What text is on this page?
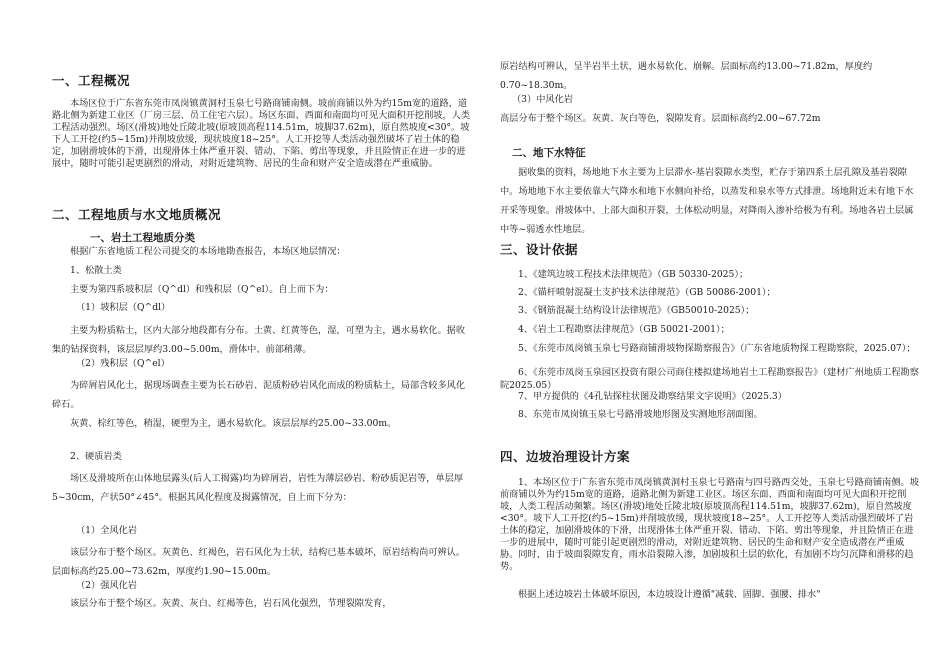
一、工程概况

本场区位于广东省东莞市凤岗镇黄洞村玉泉七号路商铺南侧。坡前商铺以外为约15m宽的道路，道路北侧为新建工业区（厂房三层、员工住宅六层）。场区东面、西面和南面均可见大面积开挖削坡，人类工程活动强烈。场区(滑坡)地处丘陵北坡(原坡顶高程114.51m，坡脚37.62m)，原自然坡度<30°。坡下人工开挖(约5~15m)并削坡放缓，现状坡度18~25°。人工开挖等人类活动强烈破坏了岩土体的稳定，加剧滑坡体的下滑，出现滑体土体严重开裂、错动、下陷、剪出等现象，并且险情正在进一步的进展中，随时可能引起更剧烈的滑动，对附近建筑物、居民的生命和财产安全造成潜在严重威胁。

二、工程地质与水文地质概况
一、岩土工程地质分类

根据广东省地质工程公司提交的本场地勘查报告，本场区地层情况：

1、松散土类

主要为第四系坡积层（Q^dl）和残积层（Q^el）。自上而下为：

（1）坡积层（Q^dl）

主要为粉质粘土，区内大部分地段都有分布。土黄、红黄等色，湿，可塑为主，遇水易软化。据收集的钻探资料，该层层厚约3.00~5.00m，滑体中、前部稍薄。

（2）残积层（Q^el）

为碎屑岩风化土，据现场调查主要为长石砂岩、泥质粉砂岩风化而成的粉质粘土，局部含较多风化碎石。

灰黄、棕红等色，稍湿，硬塑为主，遇水易软化。该层层厚约25.00~33.00m。

2、硬质岩类

场区及滑坡所在山体地层露头(后人工揭露)均为碎屑岩，岩性为薄层砂岩、粉砂质泥岩等，单层厚5~30cm，产状50°∠45°。根据其风化程度及揭露情况，自上而下分为：

（1）全风化岩

该层分布于整个场区。灰黄色、红褐色，岩石风化为土状，结构已基本破坏，原岩结构尚可辨认。层面标高约25.00~73.62m，厚度约1.90~15.00m。

（2）强风化岩

该层分布于整个场区。灰黄、灰白、红褐等色，岩石风化强烈，节理裂隙发育，

原岩结构可辨认，呈半岩半土状，遇水易软化、崩解。层面标高约13.00~71.82m，厚度约0.70~18.30m。

（3）中风化岩

高层分布于整个场区。灰黄、灰白等色，裂隙发育。层面标高约2.00~67.72m

二、地下水特征

据收集的资料，场地地下水主要为上层滞水-基岩裂隙水类型，贮存于第四系土层孔隙及基岩裂隙中。场地地下水主要依靠大气降水和地下水侧向补给，以蒸发和泉水等方式排泄。场地附近未有地下水开采等现象。滑坡体中、上部大面积开裂，土体松动明显，对降雨入渗补给极为有利。场地各岩土层属中等~弱透水性地层。

三、设计依据

1、《建筑边坡工程技术法律规范》（GB 50330-2025）；

2、《锚杆喷射混凝土支护技术法律规范》（GB 50086-2001）；

3、《钢筋混凝土结构设计法律规范》（GB50010-2025）；

4、《岩土工程勘察法律规范》（GB 50021-2001）；

5、《东莞市凤岗镇玉泉七号路商铺滑坡物探勘察报告》（广东省地质物探工程勘察院，2025.07）；

6、《东莞市凤岗玉泉园区投资有限公司商住楼拟建场地岩土工程勘察报告》（建材广州地质工程勘察院2025.05）

7、甲方提供的《4孔钻探柱状图及勘察结果文字说明》（2025.3）

8、东莞市凤岗镇玉泉七号路滑坡地形图及实测地形剖面图。

四、边坡治理设计方案

1、本场区位于广东省东莞市凤岗镇黄洞村玉泉七号路南与四号路西交处，玉泉七号路商铺南侧。坡前商铺以外为约15m宽的道路，道路北侧为新建工业区。场区东面、西面和南面均可见大面积开挖削坡，人类工程活动频繁。场区(滑坡)地处丘陵北坡(原坡顶高程114.51m，坡脚37.62m)，原自然坡度<30°。坡下人工开挖(约5~15m)并削坡放缓，现状坡度18~25°。人工开挖等人类活动强烈破坏了岩土体的稳定，加剧滑坡体的下滑，出现滑体土体严重开裂、错动、下陷、剪出等现象，并且险情正在进一步的进展中，随时可能引起更剧烈的滑动，对附近建筑物、居民的生命和财产安全造成潜在严重威胁。同时，由于坡面裂隙发育，雨水沿裂隙入渗，加剧坡积土层的软化，有加剧不均匀沉降和滑移的趋势。

根据上述边坡岩土体破坏原因，本边坡设计遵循"减载、固脚、强腰、排水"
